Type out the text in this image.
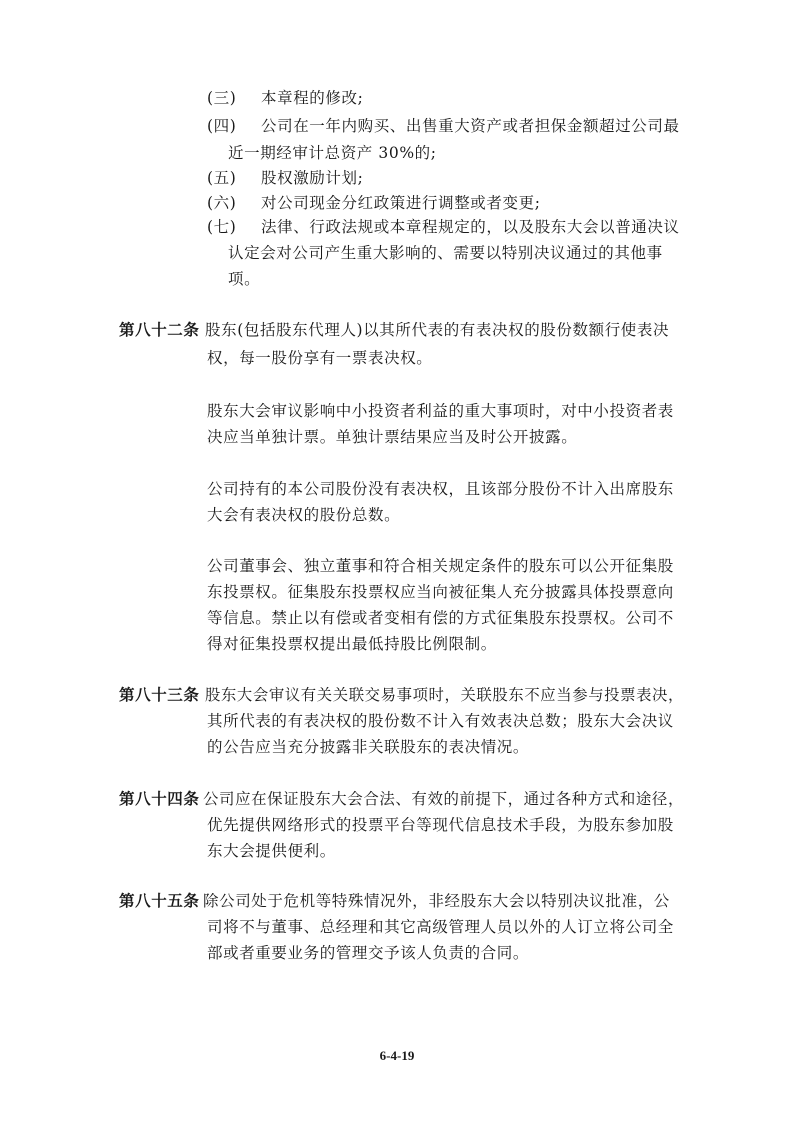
(三)	本章程的修改;
(四)	公司在一年内购买、出售重大资产或者担保金额超过公司最
近一期经审计总资产 30%的;
(五)	股权激励计划;
(六)	对公司现金分红政策进行调整或者变更;
(七)	法律、行政法规或本章程规定的，以及股东大会以普通决议
认定会对公司产生重大影响的、需要以特别决议通过的其他事
项。
第八十二条 股东(包括股东代理人)以其所代表的有表决权的股份数额行使表决
权，每一股份享有一票表决权。
股东大会审议影响中小投资者利益的重大事项时，对中小投资者表
决应当单独计票。单独计票结果应当及时公开披露。
公司持有的本公司股份没有表决权，且该部分股份不计入出席股东
大会有表决权的股份总数。
公司董事会、独立董事和符合相关规定条件的股东可以公开征集股
东投票权。征集股东投票权应当向被征集人充分披露具体投票意向
等信息。禁止以有偿或者变相有偿的方式征集股东投票权。公司不
得对征集投票权提出最低持股比例限制。
第八十三条 股东大会审议有关关联交易事项时，关联股东不应当参与投票表决，
其所代表的有表决权的股份数不计入有效表决总数；股东大会决议
的公告应当充分披露非关联股东的表决情况。
第八十四条 公司应在保证股东大会合法、有效的前提下，通过各种方式和途径，
优先提供网络形式的投票平台等现代信息技术手段，为股东参加股
东大会提供便利。
第八十五条 除公司处于危机等特殊情况外，非经股东大会以特别决议批准，公
司将不与董事、总经理和其它高级管理人员以外的人订立将公司全
部或者重要业务的管理交予该人负责的合同。
6-4-19
